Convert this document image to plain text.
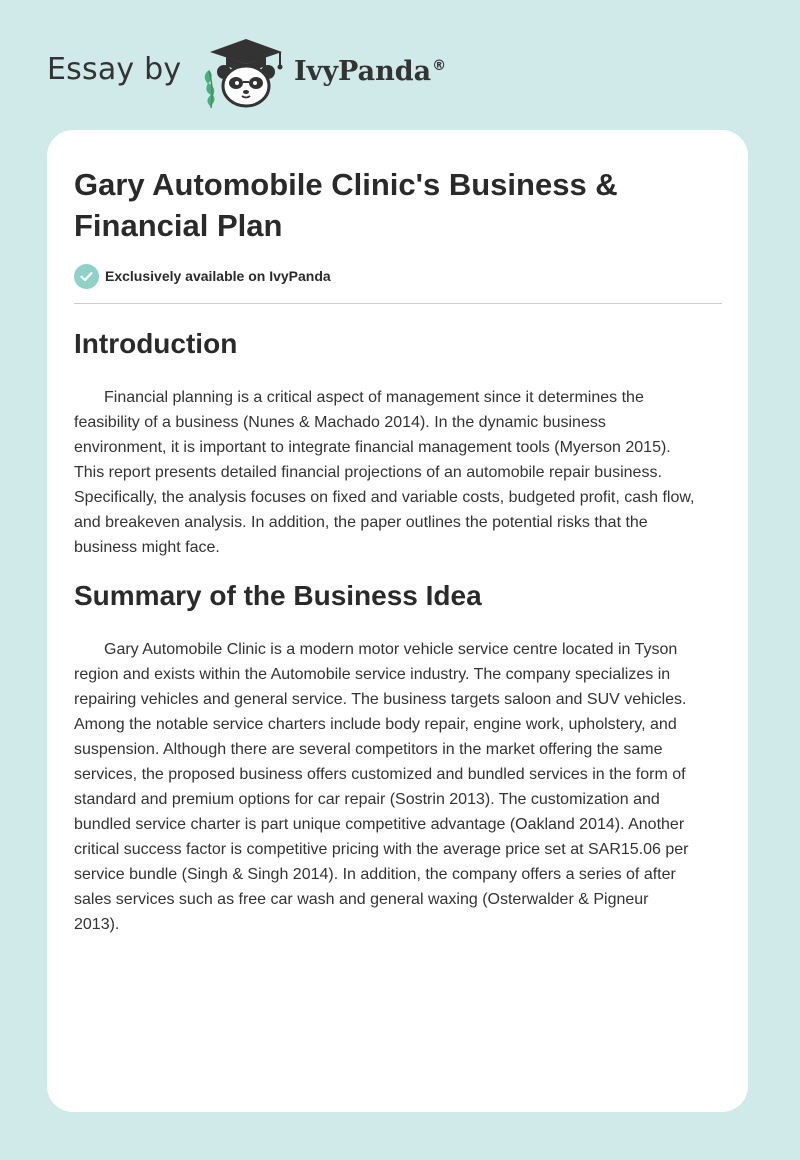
Essay by	IvyPanda®
Gary Automobile Clinic's Business &
Financial Plan
Exclusively available on IvyPanda
Introduction

Financial planning is a critical aspect of management since it determines the
feasibility of a business (Nunes & Machado 2014). In the dynamic business
environment, it is important to integrate financial management tools (Myerson 2015).
This report presents detailed financial projections of an automobile repair business.
Specifically, the analysis focuses on fixed and variable costs, budgeted profit, cash flow,
and breakeven analysis. In addition, the paper outlines the potential risks that the
business might face.

Summary of the Business Idea

Gary Automobile Clinic is a modern motor vehicle service centre located in Tyson
region and exists within the Automobile service industry. The company specializes in
repairing vehicles and general service. The business targets saloon and SUV vehicles.
Among the notable service charters include body repair, engine work, upholstery, and
suspension. Although there are several competitors in the market offering the same
services, the proposed business offers customized and bundled services in the form of
standard and premium options for car repair (Sostrin 2013). The customization and
bundled service charter is part unique competitive advantage (Oakland 2014). Another
critical success factor is competitive pricing with the average price set at SAR15.06 per
service bundle (Singh & Singh 2014). In addition, the company offers a series of after
sales services such as free car wash and general waxing (Osterwalder & Pigneur
2013).
